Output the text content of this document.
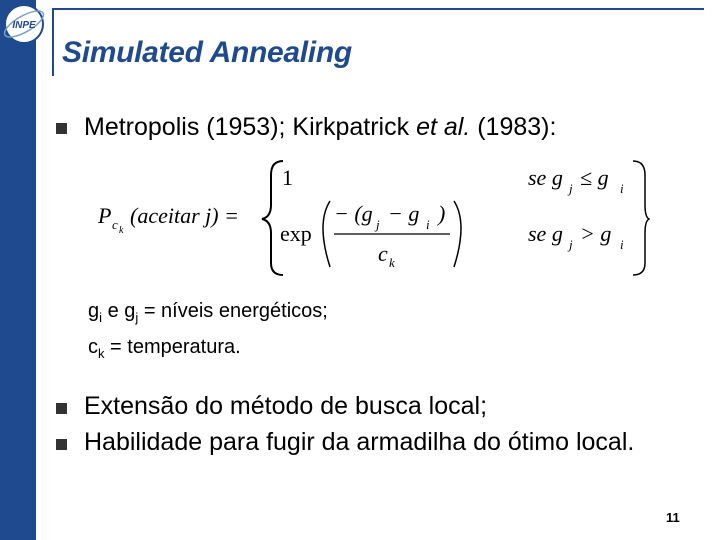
INPE
Simulated Annealing
Metropolis (1953); Kirkpatrick et al. (1983):
P c k
(aceitar j) =
1
exp
− (g j − g i )
c k
se g j ≤ g i
se g j > g i
$g_i$ e $g_j$ = níveis energéticos;
$c_k$ = temperatura.
Extensão do método de busca local;
Habilidade para fugir da armadilha do ótimo local.
11
